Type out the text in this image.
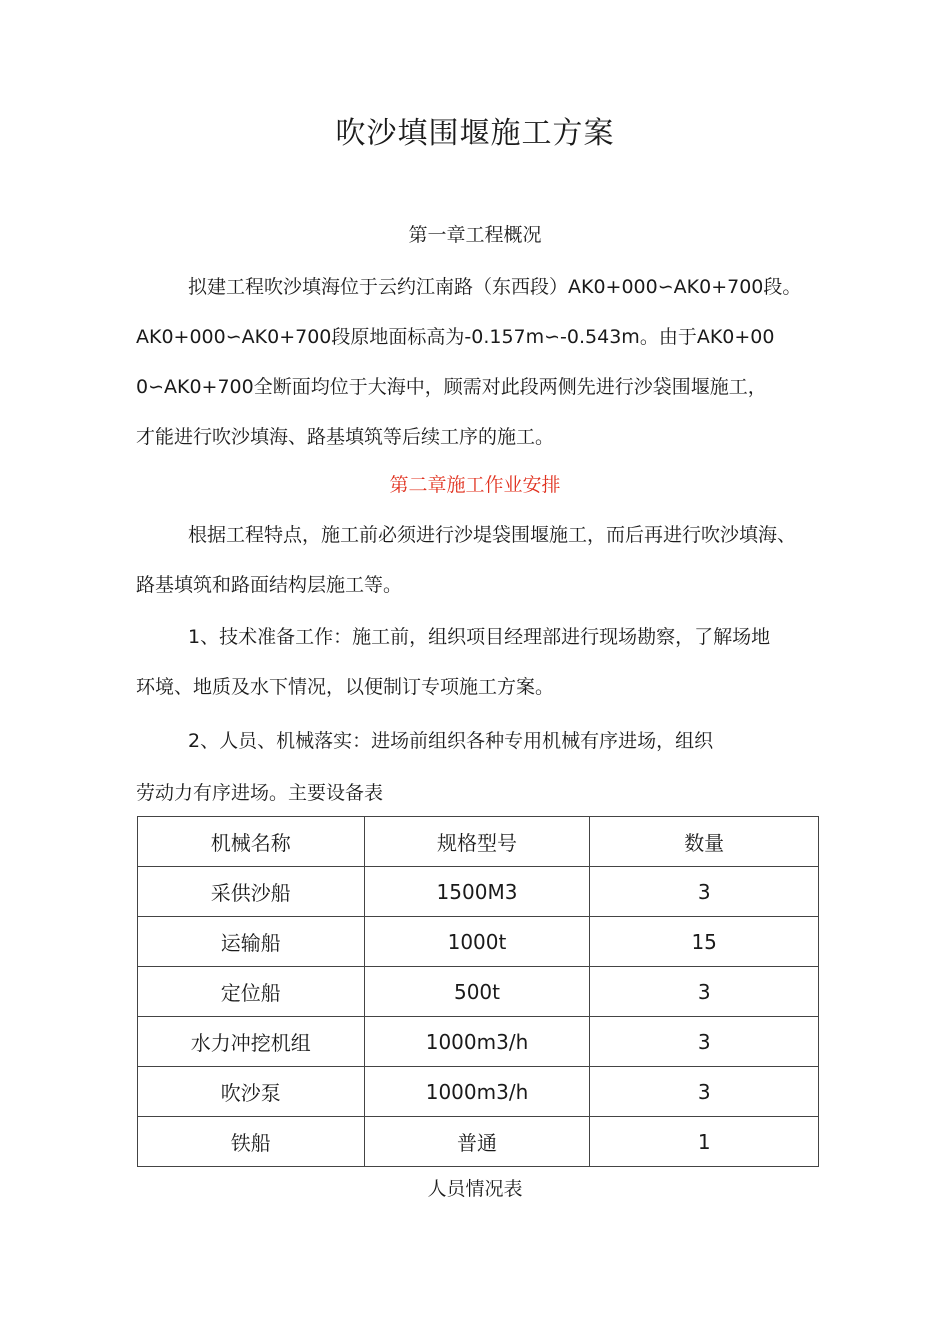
吹沙填围堰施工方案
第一章工程概况
拟建工程吹沙填海位于云约江南路（东西段）AK0+000∽AK0+700段。
AK0+000∽AK0+700段原地面标高为-0.157m∽-0.543m。由于AK0+00
0∽AK0+700全断面均位于大海中，顾需对此段两侧先进行沙袋围堰施工，
才能进行吹沙填海、路基填筑等后续工序的施工。
第二章施工作业安排
根据工程特点，施工前必须进行沙堤袋围堰施工，而后再进行吹沙填海、
路基填筑和路面结构层施工等。
1、技术准备工作：施工前，组织项目经理部进行现场勘察，了解场地
环境、地质及水下情况，以便制订专项施工方案。
2、人员、机械落实：进场前组织各种专用机械有序进场，组织
劳动力有序进场。主要设备表
机械名称	规格型号	数量
采供沙船	1500M3	3
运输船	1000t	15
定位船	500t	3
水力冲挖机组	1000m3/h	3
吹沙泵	1000m3/h	3
铁船	普通	1
人员情况表
